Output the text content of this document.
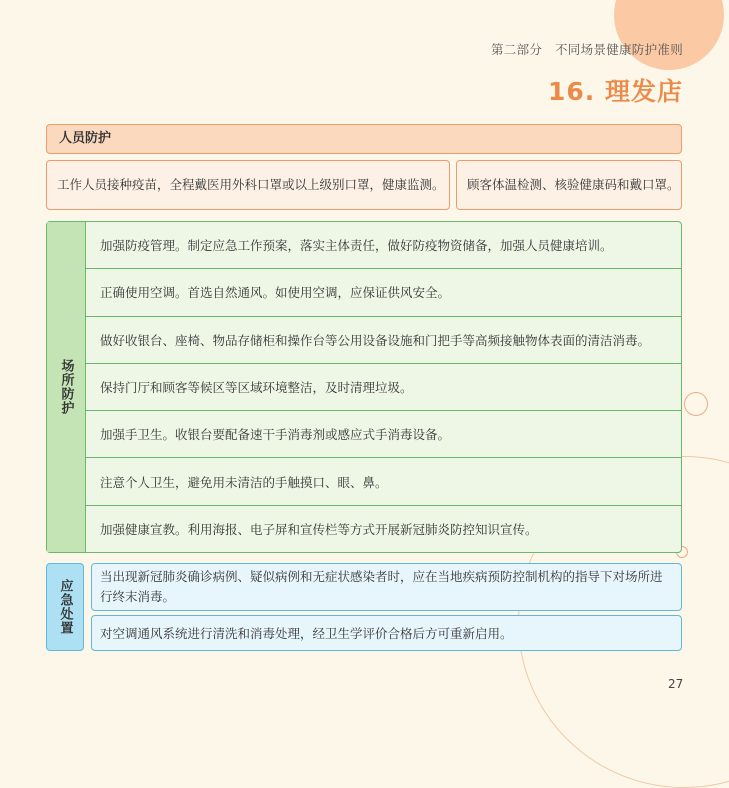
第二部分   不同场景健康防护准则
16. 理发店
人员防护
工作人员接种疫苗，全程戴医用外科口罩或以上级别口罩，健康监测。	顾客体温检测、核验健康码和戴口罩。
场所防护
加强防疫管理。制定应急工作预案，落实主体责任，做好防疫物资储备，加强人员健康培训。
正确使用空调。首选自然通风。如使用空调，应保证供风安全。
做好收银台、座椅、物品存储柜和操作台等公用设备设施和门把手等高频接触物体表面的清洁消毒。
保持门厅和顾客等候区等区域环境整洁，及时清理垃圾。
加强手卫生。收银台要配备速干手消毒剂或感应式手消毒设备。
注意个人卫生，避免用未清洁的手触摸口、眼、鼻。
加强健康宣教。利用海报、电子屏和宣传栏等方式开展新冠肺炎防控知识宣传。
应急处置
当出现新冠肺炎确诊病例、疑似病例和无症状感染者时，应在当地疾病预防控制机构的指导下对场所进行终末消毒。
对空调通风系统进行清洗和消毒处理，经卫生学评价合格后方可重新启用。
27
